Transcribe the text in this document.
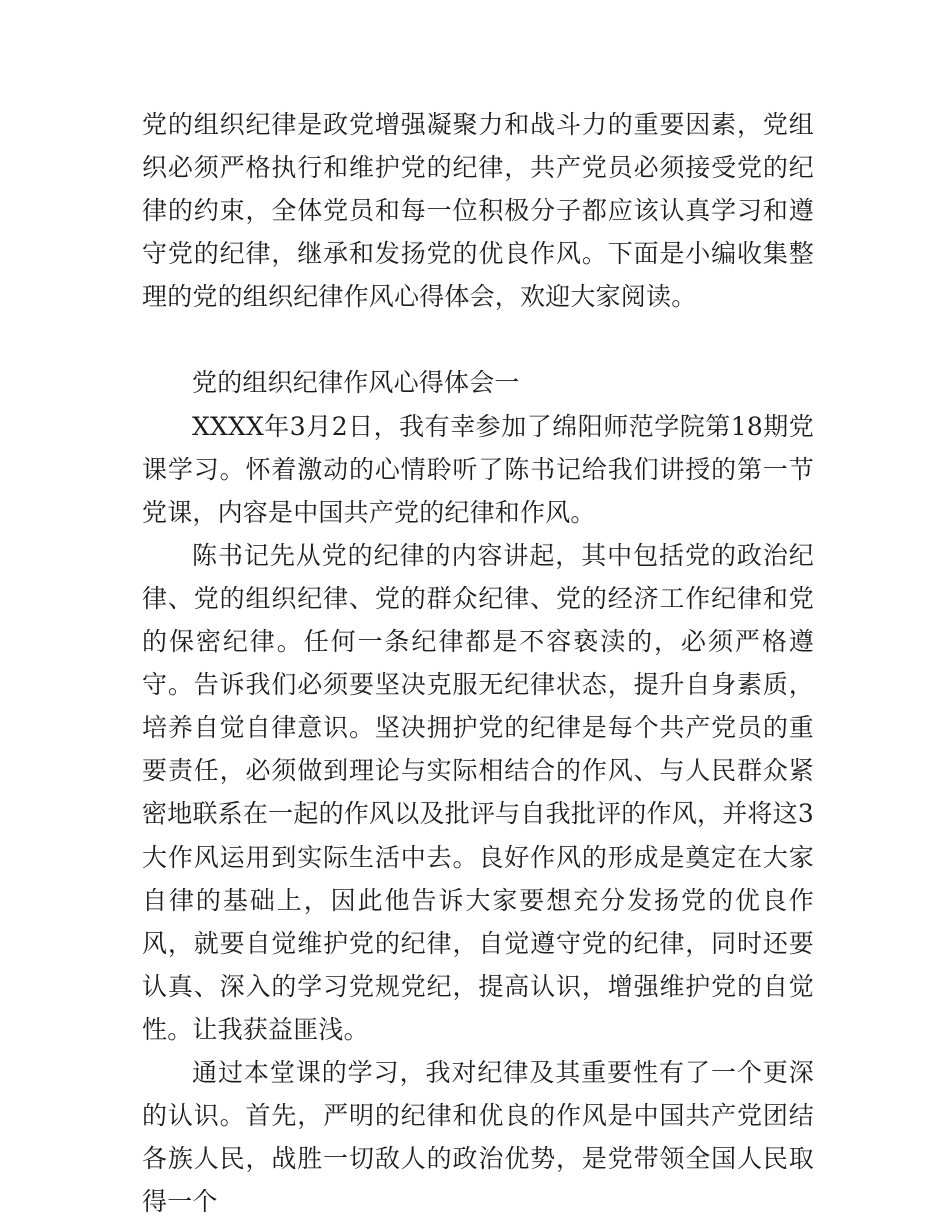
党的组织纪律是政党增强凝聚力和战斗力的重要因素，党组织必须严格执行和维护党的纪律，共产党员必须接受党的纪律的约束，全体党员和每一位积极分子都应该认真学习和遵守党的纪律，继承和发扬党的优良作风。下面是小编收集整理的党的组织纪律作风心得体会，欢迎大家阅读。

党的组织纪律作风心得体会一

XXXX年3月2日，我有幸参加了绵阳师范学院第18期党课学习。怀着激动的心情聆听了陈书记给我们讲授的第一节党课，内容是中国共产党的纪律和作风。

陈书记先从党的纪律的内容讲起，其中包括党的政治纪律、党的组织纪律、党的群众纪律、党的经济工作纪律和党的保密纪律。任何一条纪律都是不容亵渎的，必须严格遵守。告诉我们必须要坚决克服无纪律状态，提升自身素质，培养自觉自律意识。坚决拥护党的纪律是每个共产党员的重要责任，必须做到理论与实际相结合的作风、与人民群众紧密地联系在一起的作风以及批评与自我批评的作风，并将这3大作风运用到实际生活中去。良好作风的形成是奠定在大家自律的基础上，因此他告诉大家要想充分发扬党的优良作风，就要自觉维护党的纪律，自觉遵守党的纪律，同时还要认真、深入的学习党规党纪，提高认识，增强维护党的自觉性。让我获益匪浅。

通过本堂课的学习，我对纪律及其重要性有了一个更深的认识。首先，严明的纪律和优良的作风是中国共产党团结各族人民，战胜一切敌人的政治优势，是党带领全国人民取得一个
